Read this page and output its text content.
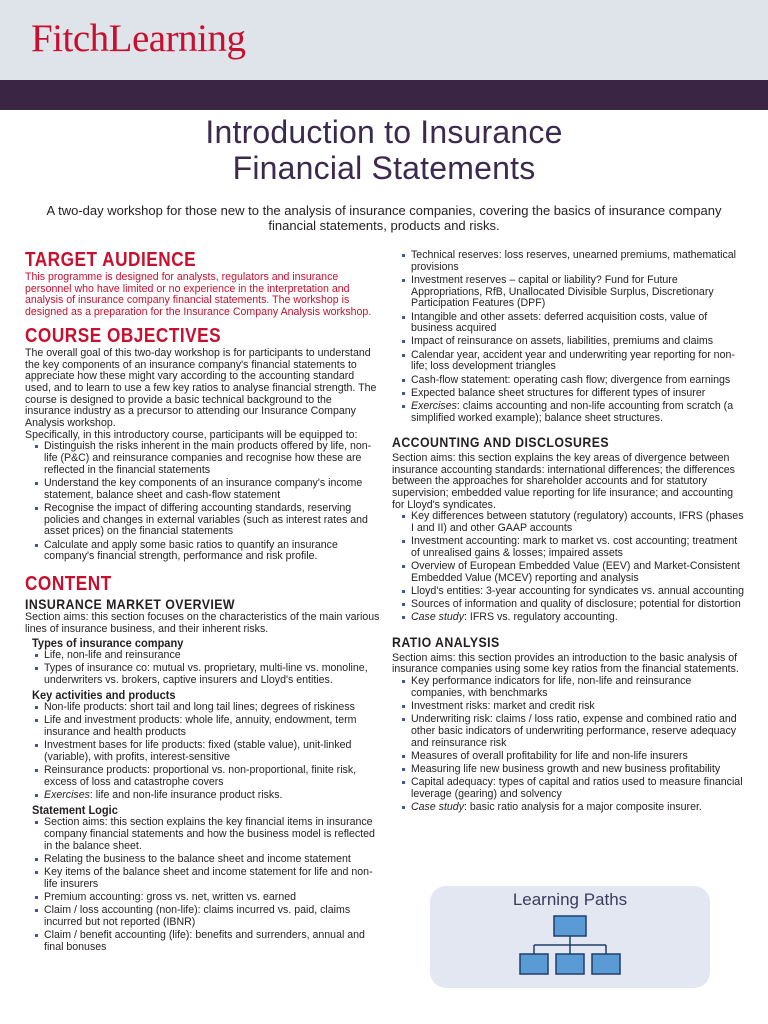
FitchLearning
Introduction to Insurance
Financial Statements
A two-day workshop for those new to the analysis of insurance companies, covering the basics of insurance company financial statements, products and risks.
TARGET AUDIENCE

This programme is designed for analysts, regulators and insurance personnel who have limited or no experience in the interpretation and analysis of insurance company financial statements. The workshop is designed as a preparation for the Insurance Company Analysis workshop.

COURSE OBJECTIVES

The overall goal of this two-day workshop is for participants to understand the key components of an insurance company's financial statements to appreciate how these might vary according to the accounting standard used, and to learn to use a few key ratios to analyse financial strength. The course is designed to provide a basic technical background to the insurance industry as a precursor to attending our Insurance Company Analysis workshop.

Specifically, in this introductory course, participants will be equipped to:

Distinguish the risks inherent in the main products offered by life, non-life (P&C) and reinsurance companies and recognise how these are reflected in the financial statements
Understand the key components of an insurance company's income statement, balance sheet and cash-flow statement
Recognise the impact of differing accounting standards, reserving policies and changes in external variables (such as interest rates and asset prices) on the financial statements
Calculate and apply some basic ratios to quantify an insurance company's financial strength, performance and risk profile.
CONTENT
INSURANCE MARKET OVERVIEW

Section aims: this section focuses on the characteristics of the main various lines of insurance business, and their inherent risks.

Types of insurance company
Life, non-life and reinsurance
Types of insurance co: mutual vs. proprietary, multi-line vs. monoline, underwriters vs. brokers, captive insurers and Lloyd's entities.
Key activities and products
Non-life products: short tail and long tail lines; degrees of riskiness
Life and investment products: whole life, annuity, endowment, term insurance and health products
Investment bases for life products: fixed (stable value), unit-linked (variable), with profits, interest-sensitive
Reinsurance products: proportional vs. non-proportional, finite risk, excess of loss and catastrophe covers
Exercises: life and non-life insurance product risks.
Statement Logic
Section aims: this section explains the key financial items in insurance company financial statements and how the business model is reflected in the balance sheet.
Relating the business to the balance sheet and income statement
Key items of the balance sheet and income statement for life and non-life insurers
Premium accounting: gross vs. net, written vs. earned
Claim / loss accounting (non-life): claims incurred vs. paid, claims incurred but not reported (IBNR)
Claim / benefit accounting (life): benefits and surrenders, annual and final bonuses
Technical reserves: loss reserves, unearned premiums, mathematical provisions
Investment reserves – capital or liability? Fund for Future Appropriations, RfB, Unallocated Divisible Surplus, Discretionary Participation Features (DPF)
Intangible and other assets: deferred acquisition costs, value of business acquired
Impact of reinsurance on assets, liabilities, premiums and claims
Calendar year, accident year and underwriting year reporting for non-life; loss development triangles
Cash-flow statement: operating cash flow; divergence from earnings
Expected balance sheet structures for different types of insurer
Exercises: claims accounting and non-life accounting from scratch (a simplified worked example); balance sheet structures.
ACCOUNTING AND DISCLOSURES

Section aims: this section explains the key areas of divergence between insurance accounting standards: international differences; the differences between the approaches for shareholder accounts and for statutory supervision; embedded value reporting for life insurance; and accounting for Lloyd's syndicates.

Key differences between statutory (regulatory) accounts, IFRS (phases I and II) and other GAAP accounts
Investment accounting: mark to market vs. cost accounting; treatment of unrealised gains & losses; impaired assets
Overview of European Embedded Value (EEV) and Market-Consistent Embedded Value (MCEV) reporting and analysis
Lloyd's entities: 3-year accounting for syndicates vs. annual accounting
Sources of information and quality of disclosure; potential for distortion
Case study: IFRS vs. regulatory accounting.
RATIO ANALYSIS

Section aims: this section provides an introduction to the basic analysis of insurance companies using some key ratios from the financial statements.

Key performance indicators for life, non-life and reinsurance companies, with benchmarks
Investment risks: market and credit risk
Underwriting risk: claims / loss ratio, expense and combined ratio and other basic indicators of underwriting performance, reserve adequacy and reinsurance risk
Measures of overall profitability for life and non-life insurers
Measuring life new business growth and new business profitability
Capital adequacy: types of capital and ratios used to measure financial leverage (gearing) and solvency
Case study: basic ratio analysis for a major composite insurer.
Learning Paths
